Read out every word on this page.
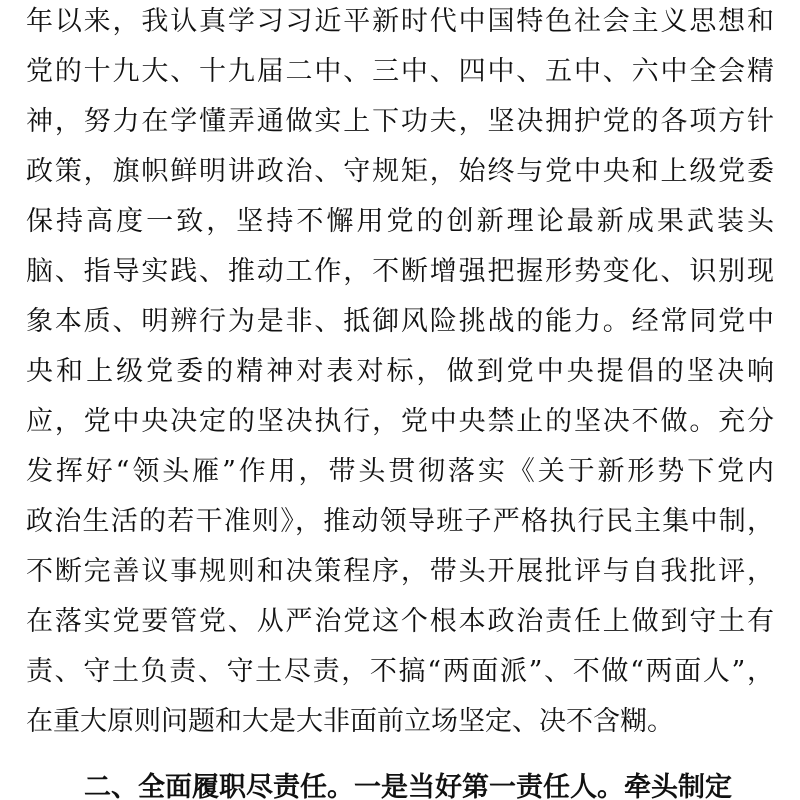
年以来，我认真学习习近平新时代中国特色社会主义思想和
党的十九大、十九届二中、三中、四中、五中、六中全会精
神，努力在学懂弄通做实上下功夫，坚决拥护党的各项方针
政策，旗帜鲜明讲政治、守规矩，始终与党中央和上级党委
保持高度一致，坚持不懈用党的创新理论最新成果武装头
脑、指导实践、推动工作，不断增强把握形势变化、识别现
象本质、明辨行为是非、抵御风险挑战的能力。经常同党中
央和上级党委的精神对表对标，做到党中央提倡的坚决响
应，党中央决定的坚决执行，党中央禁止的坚决不做。充分
发挥好“领头雁”作用，带头贯彻落实《关于新形势下党内
政治生活的若干准则》，推动领导班子严格执行民主集中制，
不断完善议事规则和决策程序，带头开展批评与自我批评，
在落实党要管党、从严治党这个根本政治责任上做到守土有
责、守土负责、守土尽责，不搞“两面派”、不做“两面人”，
在重大原则问题和大是大非面前立场坚定、决不含糊。
二、全面履职尽责任。一是当好第一责任人。牵头制定
